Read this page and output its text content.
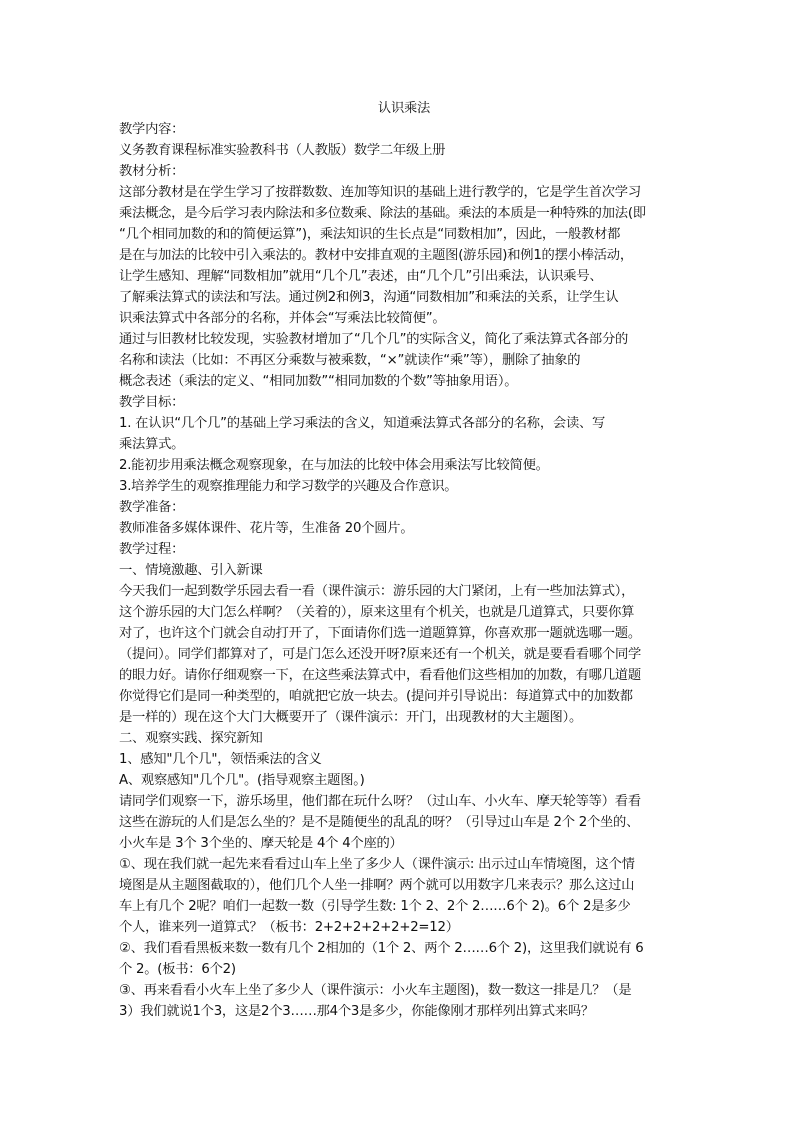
认识乘法

教学内容：

义务教育课程标准实验教科书（人教版）数学二年级上册

教材分析：

这部分教材是在学生学习了按群数数、连加等知识的基础上进行教学的，它是学生首次学习

乘法概念，是今后学习表内除法和多位数乘、除法的基础。乘法的本质是一种特殊的加法(即

“几个相同加数的和的简便运算”)，乘法知识的生长点是“同数相加”，因此，一般教材都

是在与加法的比较中引入乘法的。教材中安排直观的主题图(游乐园)和例1的摆小棒活动，

让学生感知、理解“同数相加”就用“几个几”表述，由“几个几”引出乘法，认识乘号、

了解乘法算式的读法和写法。通过例2和例3，沟通“同数相加”和乘法的关系，让学生认

识乘法算式中各部分的名称，并体会“写乘法比较简便”。

通过与旧教材比较发现，实验教材增加了“几个几”的实际含义，简化了乘法算式各部分的

名称和读法（比如：不再区分乘数与被乘数，“×”就读作“乘”等），删除了抽象的

概念表述（乘法的定义、“相同加数”“相同加数的个数”等抽象用语）。

教学目标：

1. 在认识“几个几”的基础上学习乘法的含义，知道乘法算式各部分的名称，会读、写

乘法算式。

2.能初步用乘法概念观察现象，在与加法的比较中体会用乘法写比较简便。

3.培养学生的观察推理能力和学习数学的兴趣及合作意识。

教学准备：

教师准备多媒体课件、花片等，生准备 20个圆片。

教学过程：

一、情境激趣、引入新课

今天我们一起到数学乐园去看一看（课件演示：游乐园的大门紧闭，上有一些加法算式），

这个游乐园的大门怎么样啊？（关着的），原来这里有个机关，也就是几道算式，只要你算

对了，也许这个门就会自动打开了，下面请你们选一道题算算，你喜欢那一题就选哪一题。

（提问）。同学们都算对了，可是门怎么还没开呀?原来还有一个机关，就是要看看哪个同学

的眼力好。请你仔细观察一下，在这些乘法算式中，看看他们这些相加的加数，有哪几道题

你觉得它们是同一种类型的，咱就把它放一块去。(提问并引导说出：每道算式中的加数都

是一样的）现在这个大门大概要开了（课件演示：开门，出现教材的大主题图）。

二、观察实践、探究新知

1、感知"几个几"，领悟乘法的含义

A、观察感知"几个几"。(指导观察主题图。)

请同学们观察一下，游乐场里，他们都在玩什么呀？（过山车、小火车、摩天轮等等）看看

这些在游玩的人们是怎么坐的？是不是随便坐的乱乱的呀？（引导过山车是 2个 2个坐的、

小火车是 3个 3个坐的、摩天轮是 4个 4个座的）

①、现在我们就一起先来看看过山车上坐了多少人（课件演示: 出示过山车情境图，这个情

境图是从主题图截取的），他们几个人坐一排啊？两个就可以用数字几来表示？那么这过山

车上有几个 2呢？咱们一起数一数（引导学生数: 1个 2、2个 2……6个 2)。6个 2是多少

个人，谁来列一道算式？（板书：2+2+2+2+2+2=12）

②、我们看看黑板来数一数有几个 2相加的（1个 2、两个 2……6个 2)，这里我们就说有 6

个 2。(板书：6个2)

③、再来看看小火车上坐了多少人（课件演示：小火车主题图)，数一数这一排是几？（是

3）我们就说1个3，这是2个3……那4个3是多少，你能像刚才那样列出算式来吗？
